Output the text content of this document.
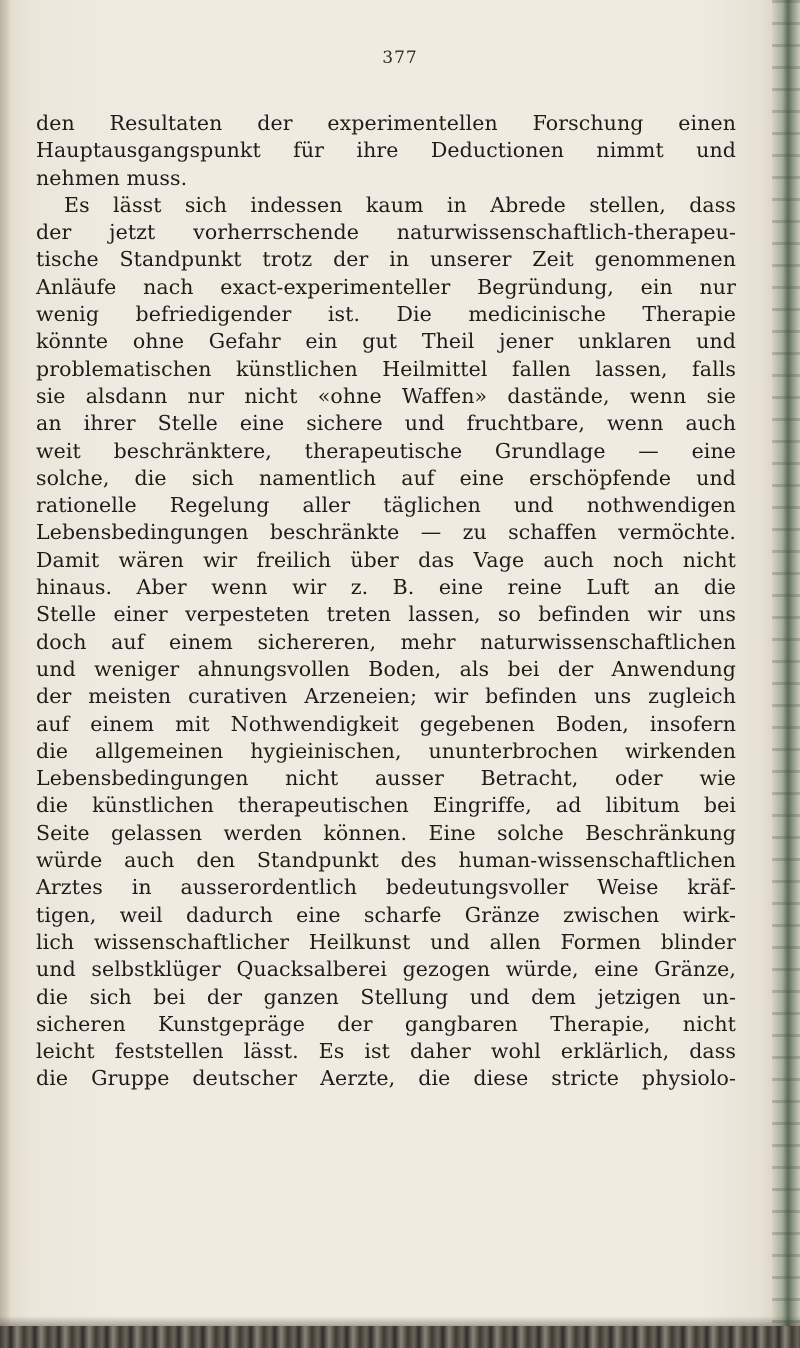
377
den Resultaten der experimentellen Forschung einen
Hauptausgangspunkt für ihre Deductionen nimmt und
nehmen muss.
Es lässt sich indessen kaum in Abrede stellen, dass
der jetzt vorherrschende naturwissenschaftlich-therapeu-
tische Standpunkt trotz der in unserer Zeit genommenen
Anläufe nach exact-experimenteller Begründung, ein nur
wenig befriedigender ist. Die medicinische Therapie
könnte ohne Gefahr ein gut Theil jener unklaren und
problematischen künstlichen Heilmittel fallen lassen, falls
sie alsdann nur nicht «ohne Waffen» dastände, wenn sie
an ihrer Stelle eine sichere und fruchtbare, wenn auch
weit beschränktere, therapeutische Grundlage — eine
solche, die sich namentlich auf eine erschöpfende und
rationelle Regelung aller täglichen und nothwendigen
Lebensbedingungen beschränkte — zu schaffen vermöchte.
Damit wären wir freilich über das Vage auch noch nicht
hinaus. Aber wenn wir z. B. eine reine Luft an die
Stelle einer verpesteten treten lassen, so befinden wir uns
doch auf einem sichereren, mehr naturwissenschaftlichen
und weniger ahnungsvollen Boden, als bei der Anwendung
der meisten curativen Arzeneien; wir befinden uns zugleich
auf einem mit Nothwendigkeit gegebenen Boden, insofern
die allgemeinen hygieinischen, ununterbrochen wirkenden
Lebensbedingungen nicht ausser Betracht, oder wie
die künstlichen therapeutischen Eingriffe, ad libitum bei
Seite gelassen werden können. Eine solche Beschränkung
würde auch den Standpunkt des human-wissenschaftlichen
Arztes in ausserordentlich bedeutungsvoller Weise kräf-
tigen, weil dadurch eine scharfe Gränze zwischen wirk-
lich wissenschaftlicher Heilkunst und allen Formen blinder
und selbstklüger Quacksalberei gezogen würde, eine Gränze,
die sich bei der ganzen Stellung und dem jetzigen un-
sicheren Kunstgepräge der gangbaren Therapie, nicht
leicht feststellen lässt. Es ist daher wohl erklärlich, dass
die Gruppe deutscher Aerzte, die diese stricte physiolo-
